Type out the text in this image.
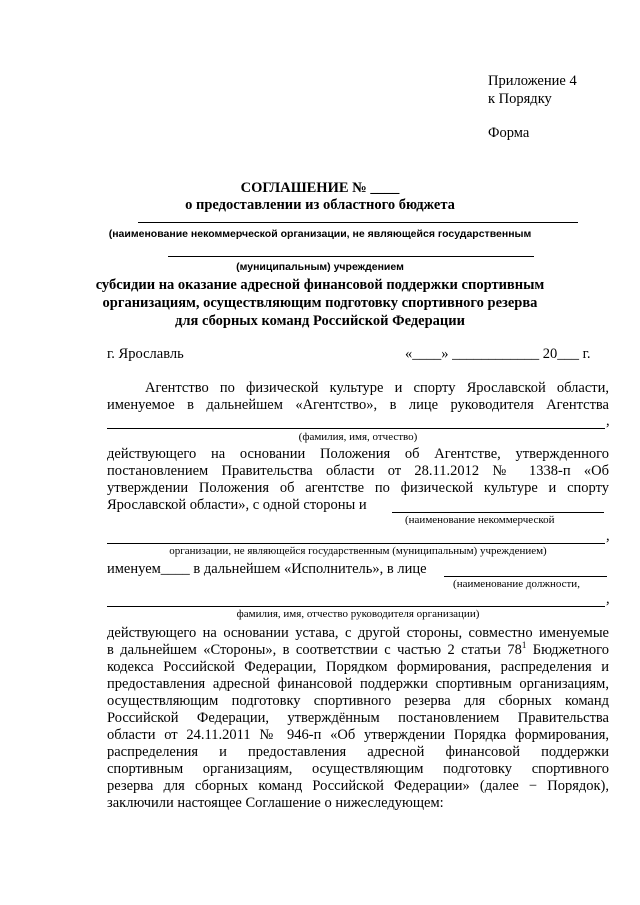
Приложение 4
к Порядку
Форма
СОГЛАШЕНИЕ № ____
о предоставлении из областного бюджета
(наименование некоммерческой организации, не являющейся государственным
(муниципальным) учреждением
субсидии на оказание адресной финансовой поддержки спортивным
организациям, осуществляющим подготовку спортивного резерва
для сборных команд Российской Федерации
г. Ярославль	«____» ____________ 20___ г.
Агентство по физической культуре и спорту Ярославской области,
именуемое в дальнейшем «Агентство», в лице руководителя Агентства
,
(фамилия, имя, отчество)
действующего на основании Положения об Агентстве, утвержденного
постановлением Правительства области от 28.11.2012 № 1338-п «Об
утверждении Положения об агентстве по физической культуре и спорту
Ярославской области», с одной стороны и
(наименование некоммерческой
,
организации, не являющейся государственным (муниципальным) учреждением)
именуем____ в дальнейшем «Исполнитель», в лице
(наименование должности,
,
фамилия, имя, отчество руководителя организации)
действующего на основании устава, с другой стороны, совместно именуемые
в дальнейшем «Стороны», в соответствии с частью 2 статьи $78^1$ Бюджетного
кодекса Российской Федерации, Порядком формирования, распределения и
предоставления адресной финансовой поддержки спортивным организациям,
осуществляющим подготовку спортивного резерва для сборных команд
Российской Федерации, утверждённым постановлением Правительства
области от 24.11.2011 № 946-п «Об утверждении Порядка формирования,
распределения и предоставления адресной финансовой поддержки
спортивным организациям, осуществляющим подготовку спортивного
резерва для сборных команд Российской Федерации» (далее − Порядок),
заключили настоящее Соглашение о нижеследующем:
